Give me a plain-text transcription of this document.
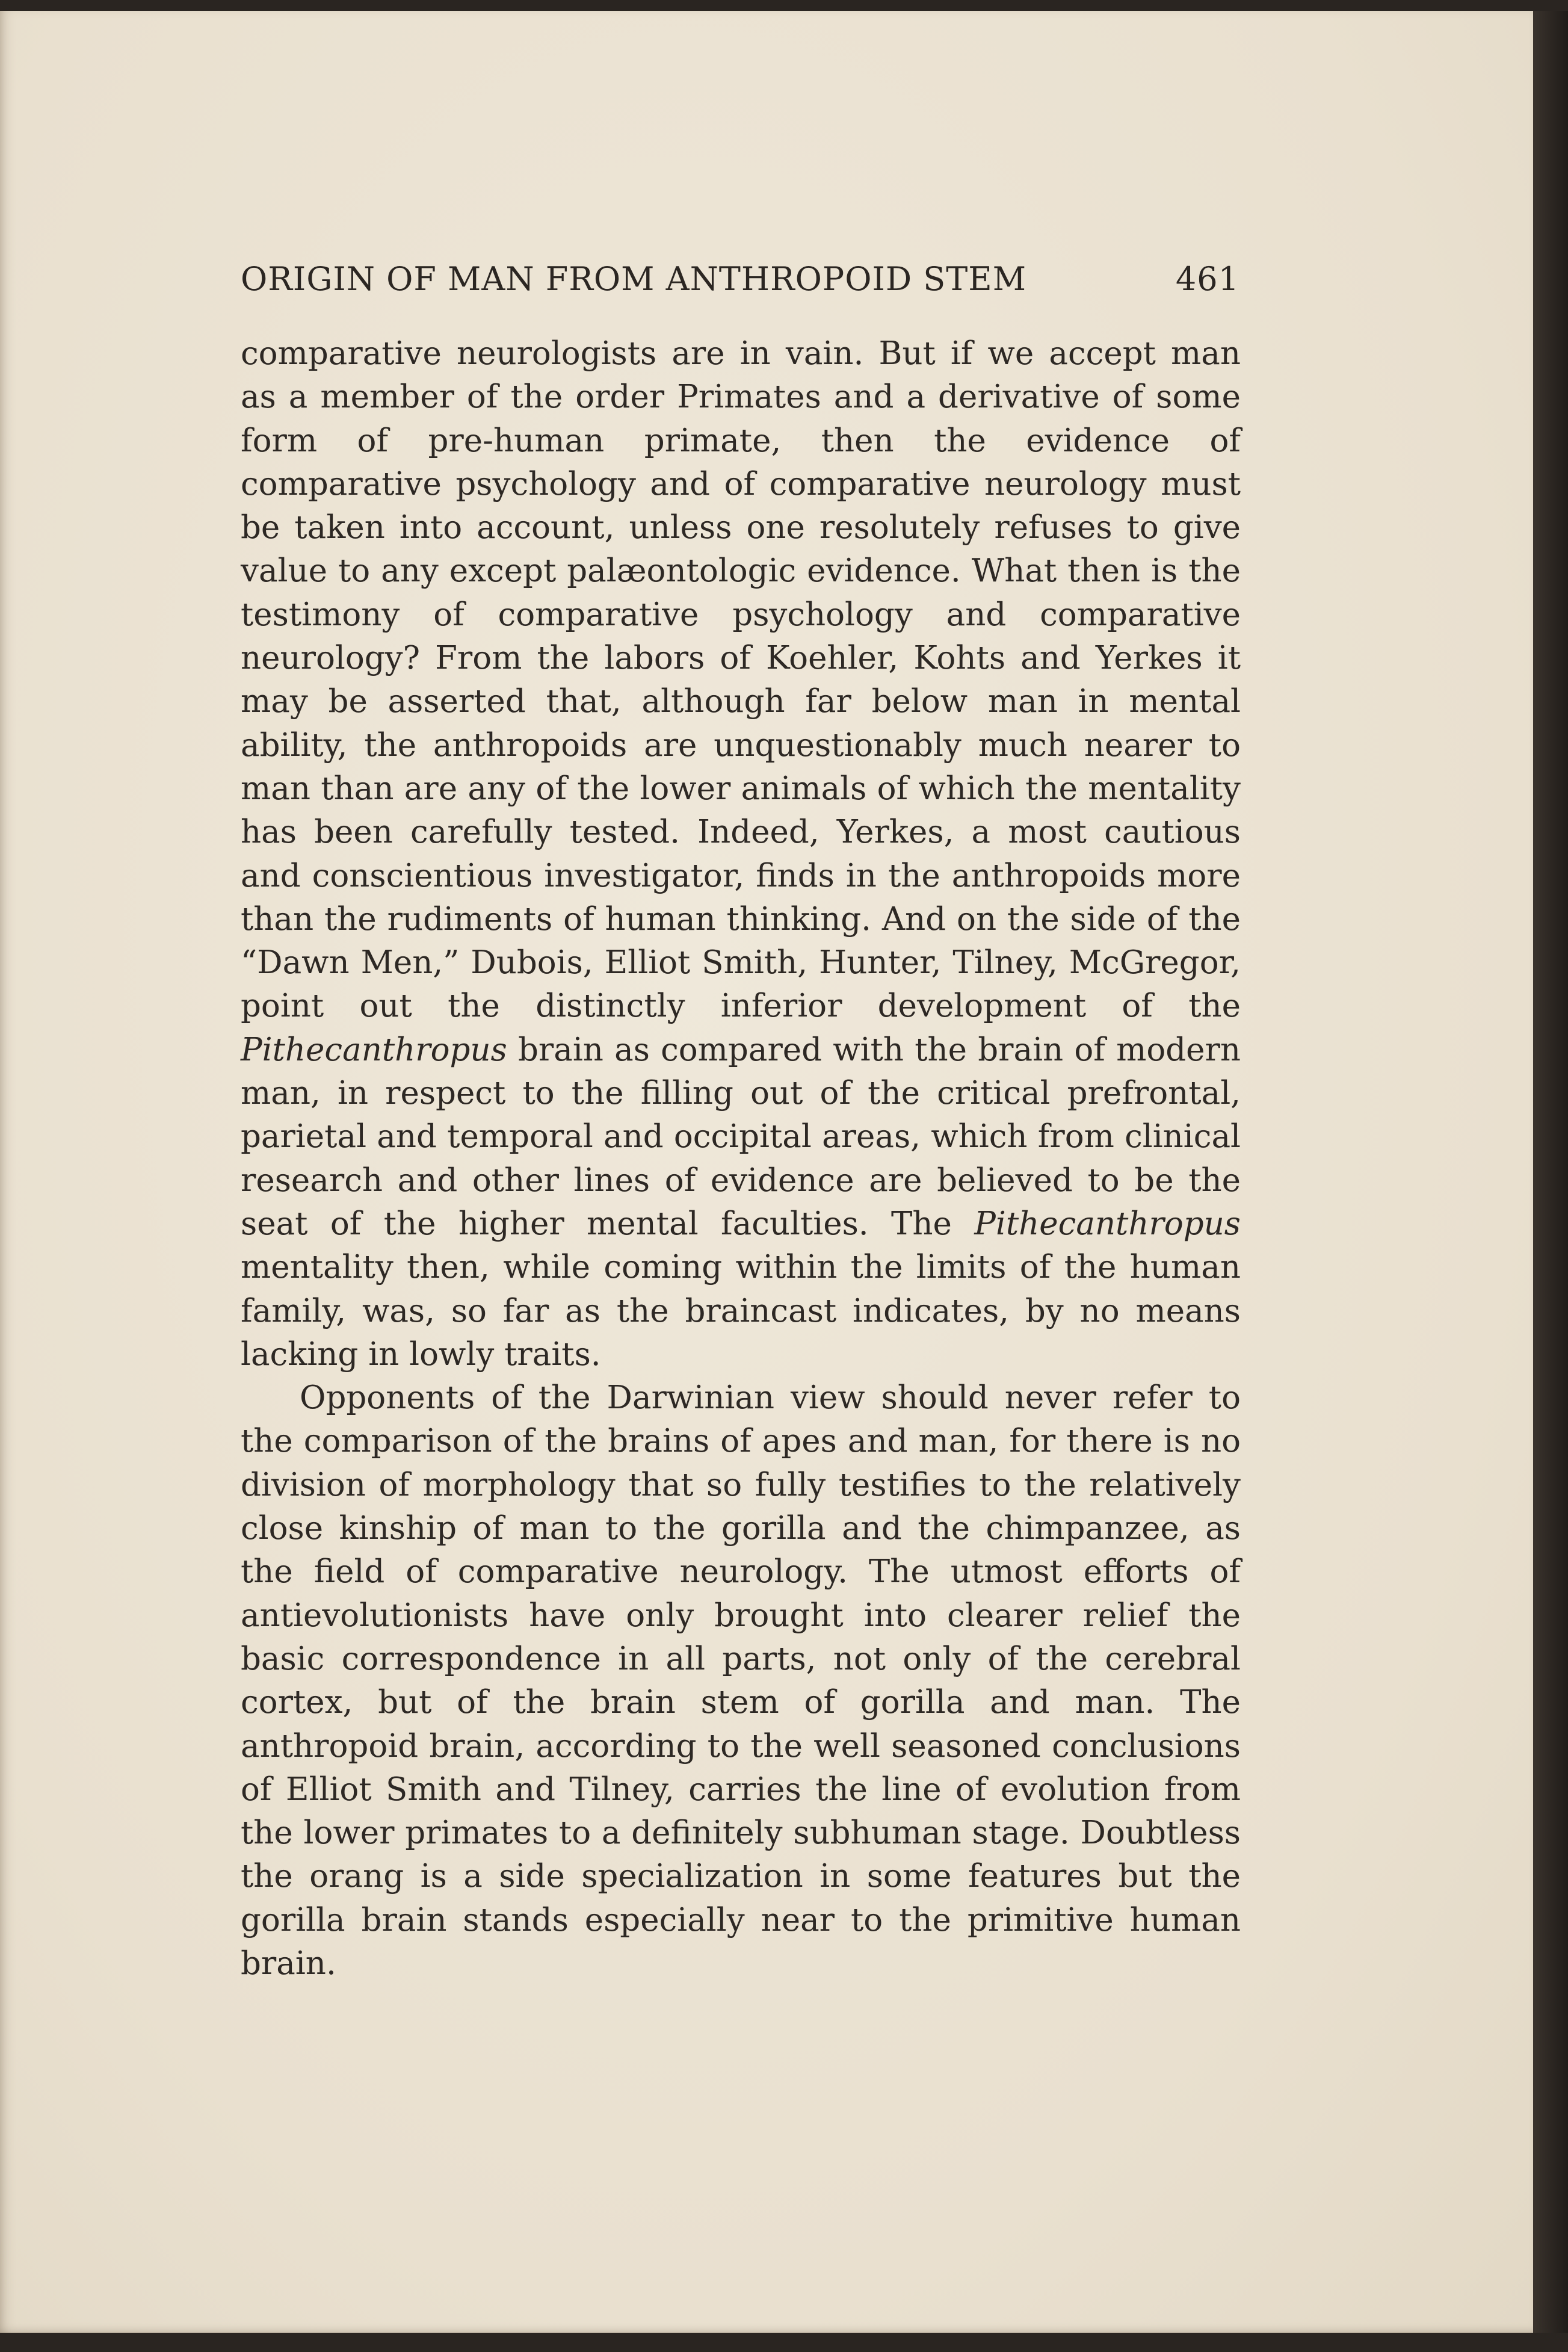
ORIGIN OF MAN FROM ANTHROPOID STEM	461

comparative neurologists are in vain. But if we accept man as a member of the order Primates and a derivative of some form of pre-human primate, then the evidence of comparative psychology and of comparative neurology must be taken into account, unless one resolutely refuses to give value to any except palæontologic evidence. What then is the testimony of comparative psychology and comparative neurology? From the labors of Koehler, Kohts and Yerkes it may be asserted that, although far below man in mental ability, the anthropoids are unquestionably much nearer to man than are any of the lower animals of which the mentality has been carefully tested. Indeed, Yerkes, a most cautious and conscientious investigator, finds in the anthropoids more than the rudiments of human thinking. And on the side of the “Dawn Men,” Dubois, Elliot Smith, Hunter, Tilney, McGregor, point out the distinctly inferior development of the Pithecanthropus brain as compared with the brain of modern man, in respect to the filling out of the critical prefrontal, parietal and temporal and occipital areas, which from clinical research and other lines of evidence are believed to be the seat of the higher mental faculties. The Pithecanthropus mentality then, while coming within the limits of the human family, was, so far as the braincast indicates, by no means lacking in lowly traits.

Opponents of the Darwinian view should never refer to the comparison of the brains of apes and man, for there is no division of morphology that so fully testifies to the relatively close kinship of man to the gorilla and the chimpanzee, as the field of comparative neurology. The utmost efforts of antievolutionists have only brought into clearer relief the basic correspondence in all parts, not only of the cerebral cortex, but of the brain stem of gorilla and man. The anthropoid brain, according to the well seasoned conclusions of Elliot Smith and Tilney, carries the line of evolution from the lower primates to a definitely subhuman stage. Doubtless the orang is a side specialization in some features but the gorilla brain stands especially near to the primitive human brain.
